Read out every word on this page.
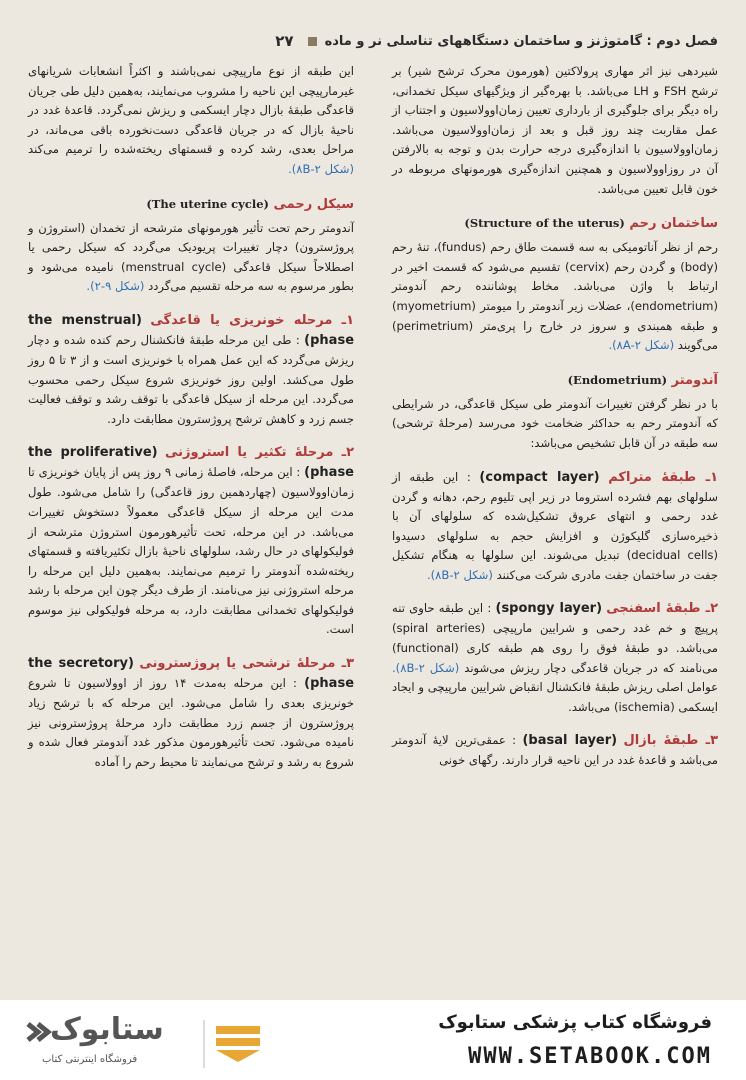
فصل دوم : گامتوژنز و ساختمان دستگاههای تناسلی نر و ماده
۲۷

شیردهی نیز اثر مهاری پرولاکتین (هورمون محرک ترشح شیر) بر ترشح FSH و LH می‌باشد. با بهره‌گیر از ویژگیهای سیکل تخمدانی، راه دیگر برای جلوگیری از بارداری تعیین زمان‌اوولاسیون و اجتناب از عمل مقاربت چند روز قبل و بعد از زمان‌اوولاسیون می‌باشد. زمان‌اوولاسیون با اندازه‌گیری درجه حرارت بدن و توجه به بالارفتن آن در روزاوولاسیون و همچنین اندازه‌گیری هورمونهای مربوطه در خون قابل تعیین می‌باشد.

ساختمان رحم (Structure of the uterus)

رحم از نظر آناتومیکی به سه قسمت طاق رحم (fundus)، تنهٔ رحم (body) و گردن رحم (cervix) تقسیم می‌شود که قسمت اخیر در ارتباط با واژن می‌باشد. مخاط پوشاننده رحم آندومتر (endometrium)، عضلات زیر آندومتر را میومتر (myometrium) و طبقه همبندی و سروز در خارج را پری‌متر (perimetrium) می‌گویند (شکل ۸A-۲).

آندومتر (Endometrium)

با در نظر گرفتن تغییرات آندومتر طی سیکل قاعدگی، در شرایطی که آندومتر رحم به حداکثر ضخامت خود می‌رسد (مرحلهٔ ترشحی) سه طبقه در آن قابل تشخیص می‌باشد:

۱ـ طبقهٔ متراکم (compact layer) : این طبقه از سلولهای بهم فشرده استروما در زیر اپی تلیوم رحم، دهانه و گردن غدد رحمی و انتهای عروق تشکیل‌شده که سلولهای آن با ذخیره‌سازی گلیکوژن و افزایش حجم به سلولهای دسیدوا (decidual cells) تبدیل می‌شوند. این سلولها به هنگام تشکیل جفت در ساختمان جفت مادری شرکت می‌کنند (شکل ۸B-۲).

۲ـ طبقهٔ اسفنجی (spongy layer) : این طبقه حاوی تنه پرپیچ و خم غدد رحمی و شرایین مارپیچی (spiral arteries) می‌باشد. دو طبقهٔ فوق را روی هم طبقه کاری (functional) می‌نامند که در جریان قاعدگی دچار ریزش می‌شوند (شکل ۸B-۲). عوامل اصلی ریزش طبقهٔ فانکشنال انقباض شرایین مارپیچی و ایجاد ایسکمی (ischemia) می‌باشد.

۳ـ طبقهٔ بازال (basal layer) : عمقی‌ترین لایهٔ آندومتر می‌باشد و قاعدهٔ غدد در این ناحیه قرار دارند. رگهای خونی

این طبقه از نوع مارپیچی نمی‌باشند و اکثراً انشعابات شریانهای غیرمارپیچی این ناحیه را مشروب می‌نمایند، به‌همین دلیل طی جریان قاعدگی طبقهٔ بازال دچار ایسکمی و ریزش نمی‌گردد. قاعدهٔ غدد در ناحیهٔ بازال که در جریان قاعدگی دست‌نخورده باقی می‌ماند، در مراحل بعدی، رشد کرده و قسمتهای ریخته‌شده را ترمیم می‌کند (شکل ۸B-۲).

سیکل رحمی (The uterine cycle)

آندومتر رحم تحت تأثیر هورمونهای مترشحه از تخمدان (استروژن و پروژسترون) دچار تغییرات پریودیک می‌گردد که سیکل رحمی یا اصطلاحاً سیکل قاعدگی (menstrual cycle) نامیده می‌شود و بطور مرسوم به سه مرحله تقسیم می‌گردد (شکل ۹-۲).

۱ـ مرحله خونریزی یا قاعدگی (the menstrual phase) : طی این مرحله طبقهٔ فانکشنال رحم کنده شده و دچار ریزش می‌گردد که این عمل همراه با خونریزی است و از ۳ تا ۵ روز طول می‌کشد. اولین روز خونریزی شروع سیکل رحمی محسوب می‌گردد. این مرحله از سیکل قاعدگی با توقف رشد و توقف فعالیت جسم زرد و کاهش ترشح پروژسترون مطابقت دارد.

۲ـ مرحلهٔ تکثیر یا استروژنی (the proliferative phase) : این مرحله، فاصلهٔ زمانی ۹ روز پس از پایان خونریزی تا زمان‌اوولاسیون (چهاردهمین روز قاعدگی) را شامل می‌شود. طول مدت این مرحله از سیکل قاعدگی معمولاً دستخوش تغییرات می‌باشد. در این مرحله، تحت تأثیرهورمون استروژن مترشحه از فولیکولهای در حال رشد، سلولهای ناحیهٔ بازال تکثیریافته و قسمتهای ریخته‌شده آندومتر را ترمیم می‌نمایند. به‌همین دلیل این مرحله را مرحله استروژنی نیز می‌نامند. از طرف دیگر چون این مرحله با رشد فولیکولهای تخمدانی مطابقت دارد، به مرحله فولیکولی نیز موسوم است.

۳ـ مرحلهٔ ترشحی یا پروژسترونی (the secretory phase) : این مرحله به‌مدت ۱۴ روز از اوولاسیون تا شروع خونریزی بعدی را شامل می‌شود. این مرحله که با ترشح زیاد پروژسترون از جسم زرد مطابقت دارد مرحلهٔ پروژسترونی نیز نامیده می‌شود. تحت تأثیرهورمون مذکور غدد آندومتر فعال شده و شروع به رشد و ترشح می‌نمایند تا محیط رحم را آماده

ستابوک
فروشگاه اینترنتی کتاب
فروشگاه کتاب پزشکی ستابوک
WWW.SETABOOK.COM
